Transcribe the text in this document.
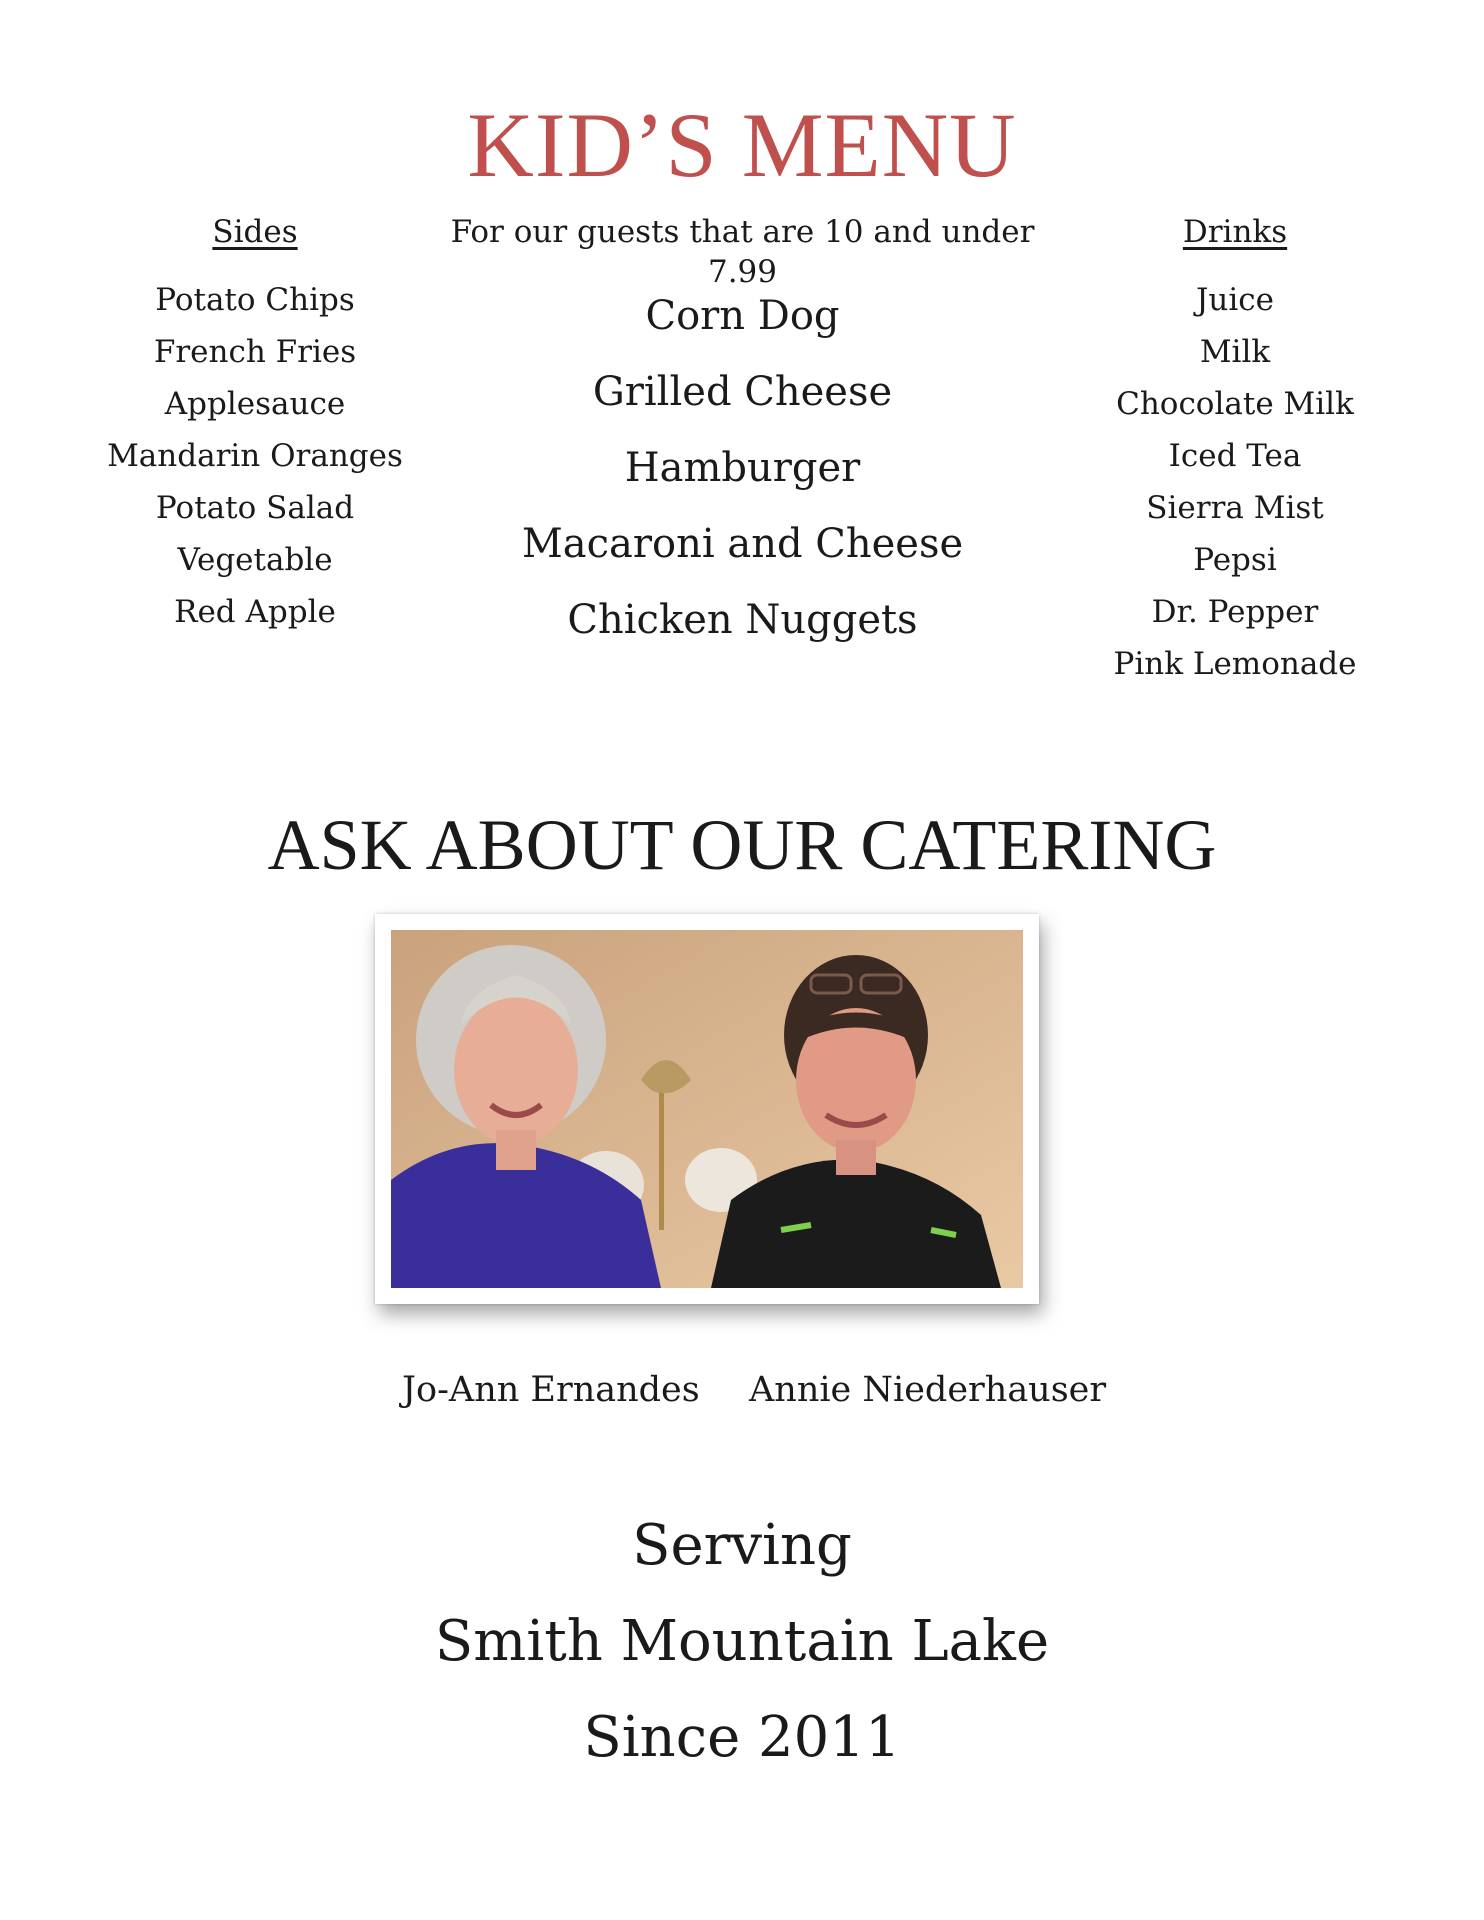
KID’S MENU
Sides
Potato Chips
French Fries
Applesauce
Mandarin Oranges
Potato Salad
Vegetable
Red Apple
For our guests that are 10 and under 7.99
Corn Dog
Grilled Cheese
Hamburger
Macaroni and Cheese
Chicken Nuggets
Drinks
Juice
Milk
Chocolate Milk
Iced Tea
Sierra Mist
Pepsi
Dr. Pepper
Pink Lemonade
ASK ABOUT OUR CATERING
Jo-Ann Ernandes Annie Niederhauser
Serving
Smith Mountain Lake
Since 2011
